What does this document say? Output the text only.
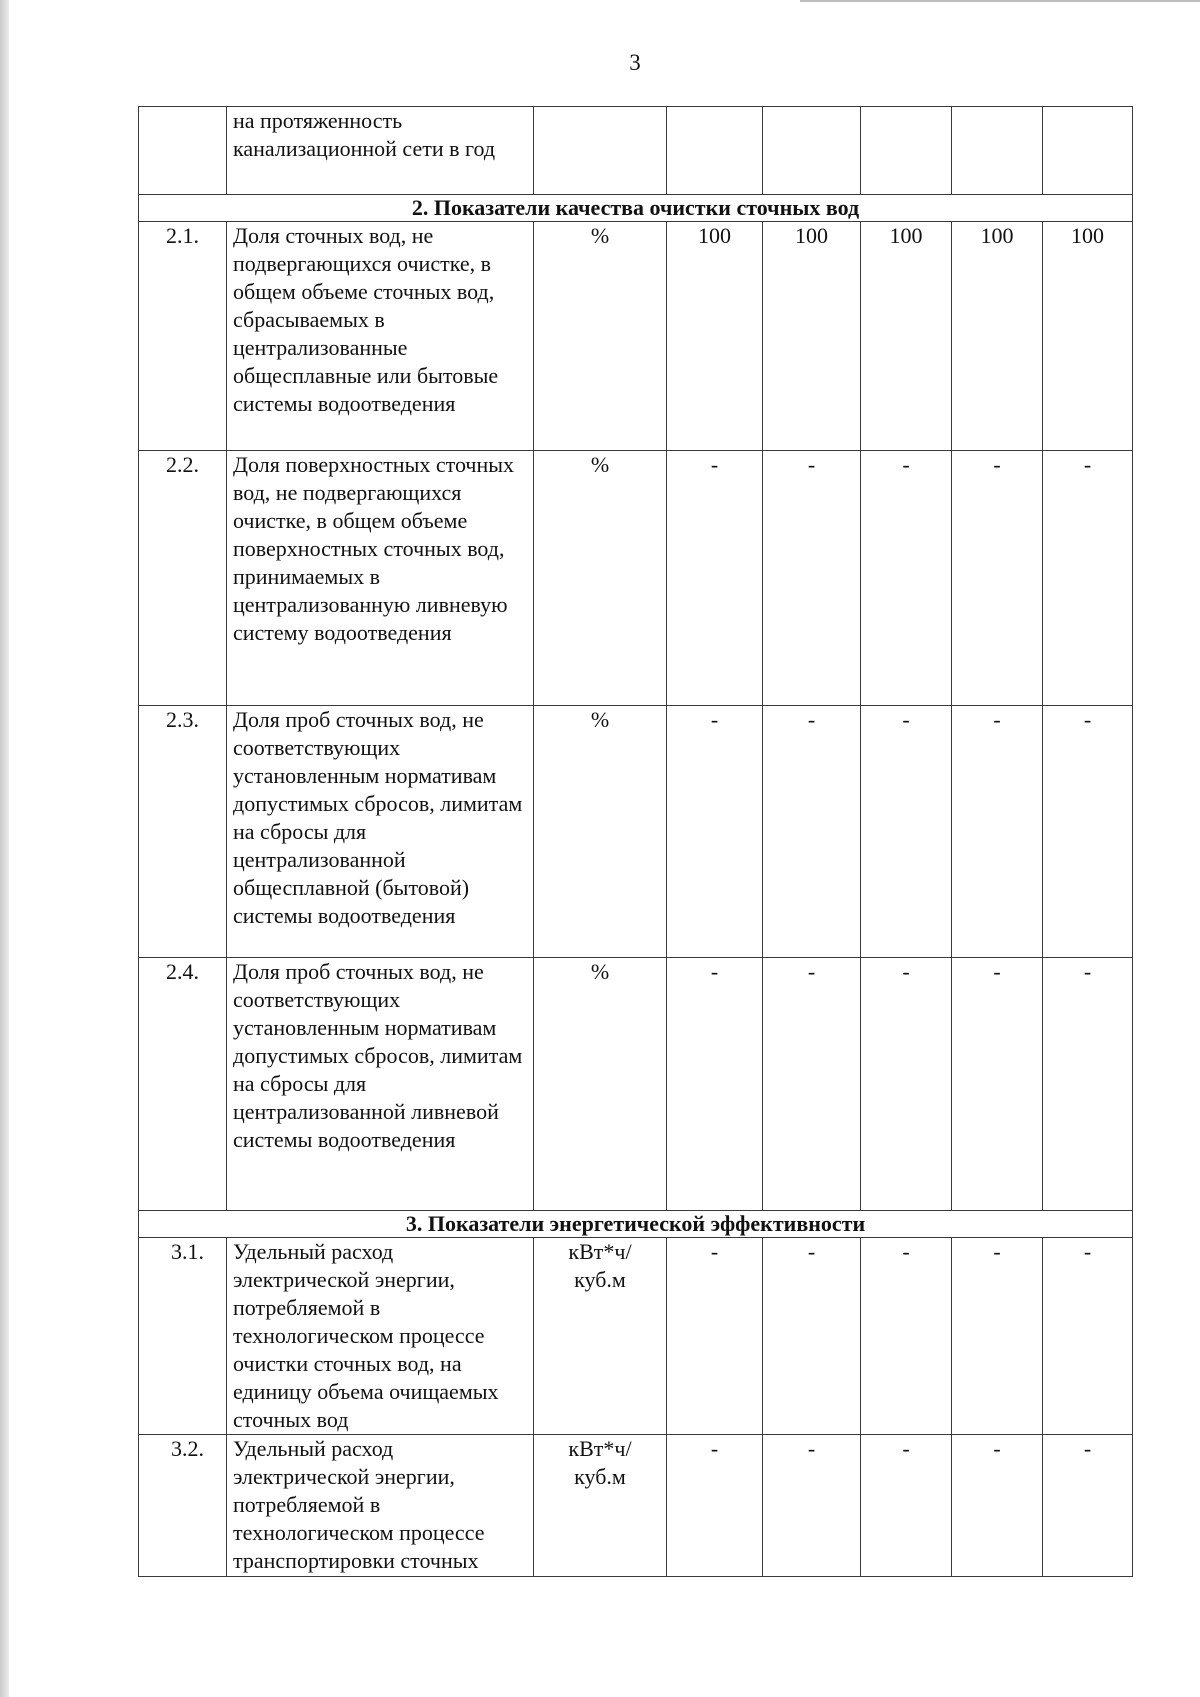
3
	на протяженность канализационной сети в год						
2. Показатели качества очистки сточных вод							
2.1.	Доля сточных вод, не подвергающихся очистке, в общем объеме сточных вод, сбрасываемых в централизованные общесплавные или бытовые системы водоотведения	%	100	100	100	100	100
2.2.	Доля поверхностных сточных вод, не подвергающихся очистке, в общем объеме поверхностных сточных вод, принимаемых в централизованную ливневую систему водоотведения	%	-	-	-	-	-
2.3.	Доля проб сточных вод, не соответствующих установленным нормативам допустимых сбросов, лимитам на сбросы для централизованной общесплавной (бытовой) системы водоотведения	%	-	-	-	-	-
2.4.	Доля проб сточных вод, не соответствующих установленным нормативам допустимых сбросов, лимитам на сбросы для централизованной ливневой системы водоотведения	%	-	-	-	-	-
3. Показатели энергетической эффективности							
3.1.	Удельный расход электрической энергии, потребляемой в технологическом процессе очистки сточных вод, на единицу объема очищаемых сточных вод	кВт*ч/ куб.м	-	-	-	-	-
3.2.	Удельный расход электрической энергии, потребляемой в технологическом процессе транспортировки сточных	кВт*ч/ куб.м	-	-	-	-	-
